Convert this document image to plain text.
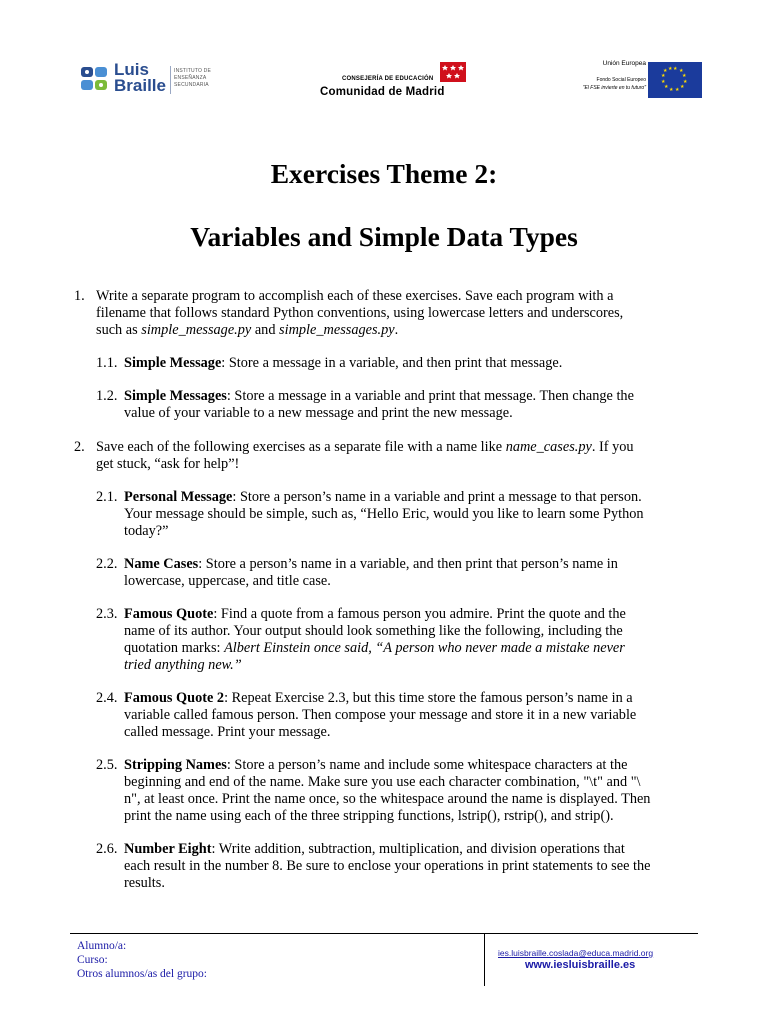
Luis
Braille
INSTITUTO DE
ENSEÑANZA
SECUNDARIA
CONSEJERÍA DE EDUCACIÓN
Comunidad de Madrid
Unión Europea
Fondo Social Europeo
"El FSE invierte en tu futuro"
★ ★
★
★
★
★
★
★
★
★
★ ★
Exercises Theme 2:
Variables and Simple Data Types
1. Write a separate program to accomplish each of these exercises. Save each program with a
filename that follows standard Python conventions, using lowercase letters and underscores,
such as simple_message.py and simple_messages.py.
1.1. Simple Message: Store a message in a variable, and then print that message.
1.2. Simple Messages: Store a message in a variable and print that message. Then change the
value of your variable to a new message and print the new message.
2. Save each of the following exercises as a separate file with a name like name_cases.py. If you
get stuck, “ask for help”!
2.1. Personal Message: Store a person’s name in a variable and print a message to that person.
Your message should be simple, such as, “Hello Eric, would you like to learn some Python
today?”
2.2. Name Cases: Store a person’s name in a variable, and then print that person’s name in
lowercase, uppercase, and title case.
2.3. Famous Quote: Find a quote from a famous person you admire. Print the quote and the
name of its author. Your output should look something like the following, including the
quotation marks: Albert Einstein once said, “A person who never made a mistake never
tried anything new.”
2.4. Famous Quote 2: Repeat Exercise 2.3, but this time store the famous person’s name in a
variable called famous person. Then compose your message and store it in a new variable
called message. Print your message.
2.5. Stripping Names: Store a person’s name and include some whitespace characters at the
beginning and end of the name. Make sure you use each character combination, "\t" and "\
n", at least once. Print the name once, so the whitespace around the name is displayed. Then
print the name using each of the three stripping functions, lstrip(), rstrip(), and strip().
2.6. Number Eight: Write addition, subtraction, multiplication, and division operations that
each result in the number 8. Be sure to enclose your operations in print statements to see the
results.
Alumno/a:
Curso:
Otros alumnos/as del grupo:
ies.luisbraille.coslada@educa.madrid.org
www.iesluisbraille.es
